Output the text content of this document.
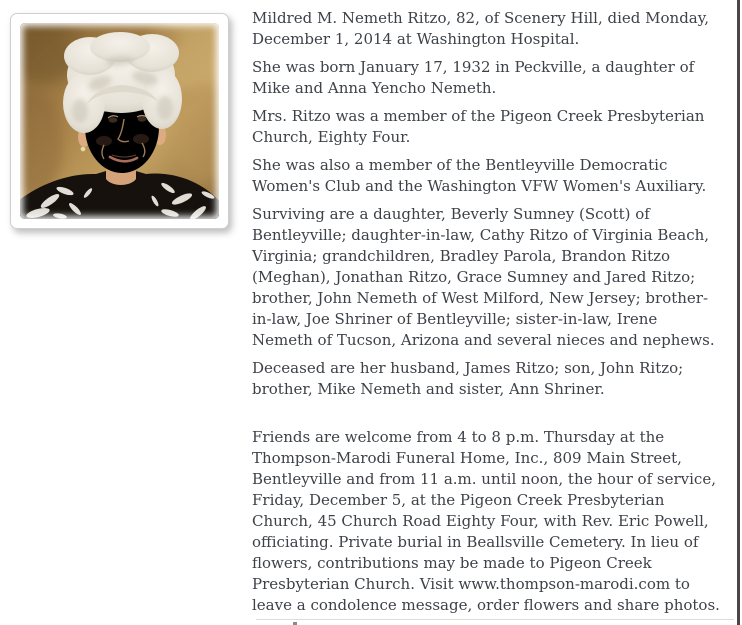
Mildred M. Nemeth Ritzo, 82, of Scenery Hill, died Monday, December 1, 2014 at Washington Hospital.

She was born January 17, 1932 in Peckville, a daughter of Mike and Anna Yencho Nemeth.

Mrs. Ritzo was a member of the Pigeon Creek Presbyterian Church, Eighty Four.

She was also a member of the Bentleyville Democratic Women's Club and the Washington VFW Women's Auxiliary.

Surviving are a daughter, Beverly Sumney (Scott) of Bentleyville; daughter-in-law, Cathy Ritzo of Virginia Beach, Virginia; grandchildren, Bradley Parola, Brandon Ritzo (Meghan), Jonathan Ritzo, Grace Sumney and Jared Ritzo; brother, John Nemeth of West Milford, New Jersey; brother-in-law, Joe Shriner of Bentleyville; sister-in-law, Irene Nemeth of Tucson, Arizona and several nieces and nephews.

Deceased are her husband, James Ritzo; son, John Ritzo; brother, Mike Nemeth and sister, Ann Shriner.

Friends are welcome from 4 to 8 p.m. Thursday at the Thompson-Marodi Funeral Home, Inc., 809 Main Street, Bentleyville and from 11 a.m. until noon, the hour of service, Friday, December 5, at the Pigeon Creek Presbyterian Church, 45 Church Road Eighty Four, with Rev. Eric Powell, officiating. Private burial in Beallsville Cemetery. In lieu of flowers, contributions may be made to Pigeon Creek Presbyterian Church. Visit www.thompson-marodi.com to leave a condolence message, order flowers and share photos.
